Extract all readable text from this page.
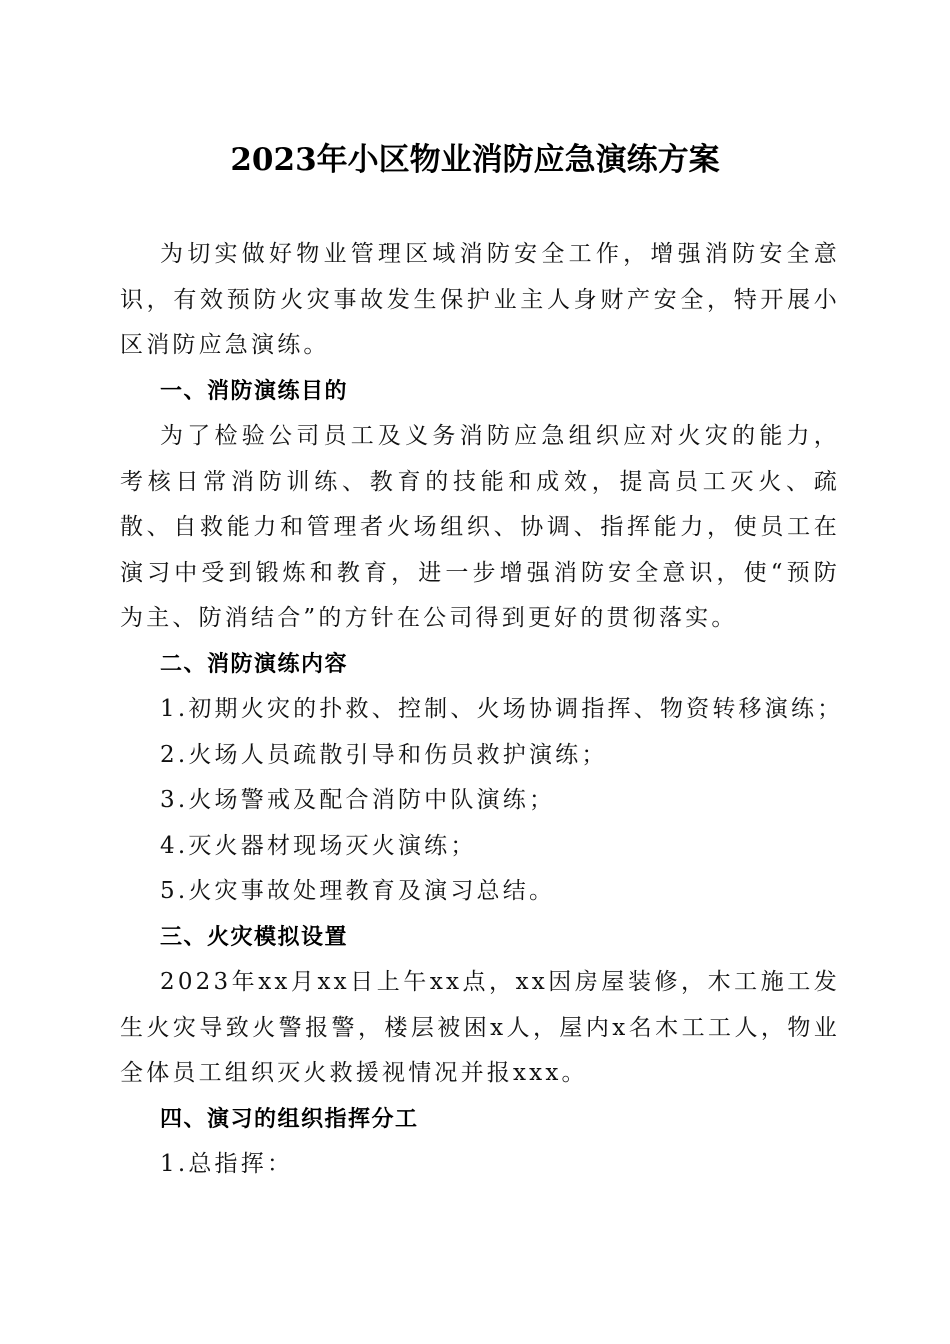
2023年小区物业消防应急演练方案

为切实做好物业管理区域消防安全工作，增强消防安全意识，有效预防火灾事故发生保护业主人身财产安全，特开展小区消防应急演练。

一、消防演练目的

为了检验公司员工及义务消防应急组织应对火灾的能力，考核日常消防训练、教育的技能和成效，提高员工灭火、疏散、自救能力和管理者火场组织、协调、指挥能力，使员工在演习中受到锻炼和教育，进一步增强消防安全意识，使“预防为主、防消结合”的方针在公司得到更好的贯彻落实。

二、消防演练内容

1.初期火灾的扑救、控制、火场协调指挥、物资转移演练；

2.火场人员疏散引导和伤员救护演练；

3.火场警戒及配合消防中队演练；

4.灭火器材现场灭火演练；

5.火灾事故处理教育及演习总结。

三、火灾模拟设置

2023年xx月xx日上午xx点，xx因房屋装修，木工施工发生火灾导致火警报警，楼层被困x人，屋内x名木工工人，物业全体员工组织灭火救援视情况并报xxx。

四、演习的组织指挥分工

1.总指挥：
